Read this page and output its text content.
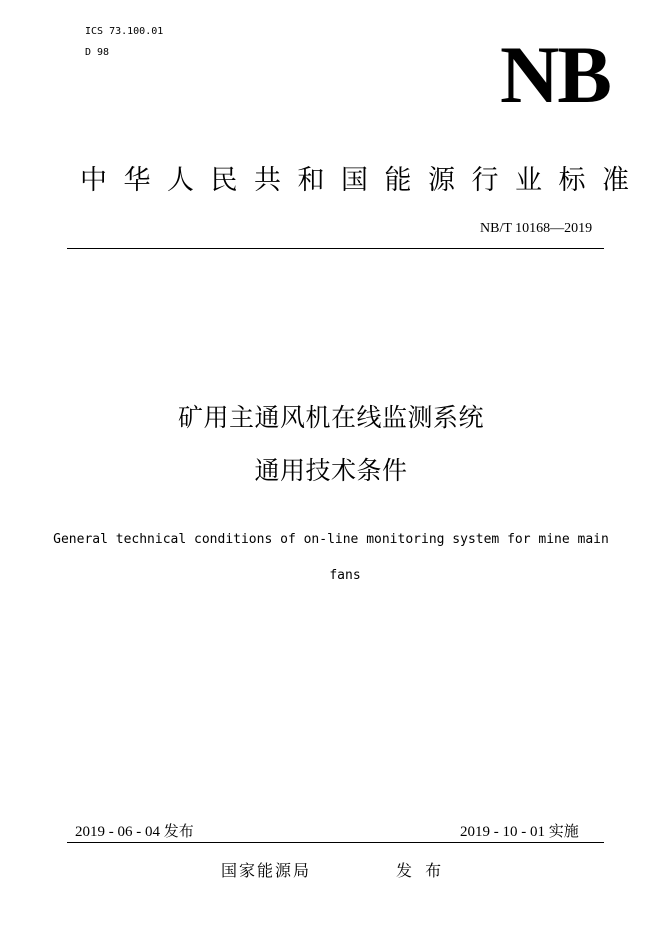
ICS 73.100.01
D 98	NB
中华人民共和国能源行业标准
NB/T 10168—2019
矿用主通风机在线监测系统
通用技术条件
General technical conditions of on-line monitoring system for mine main
fans
2019 - 06 - 04 发布	2019 - 10 - 01 实施
国家能源局	发 布
